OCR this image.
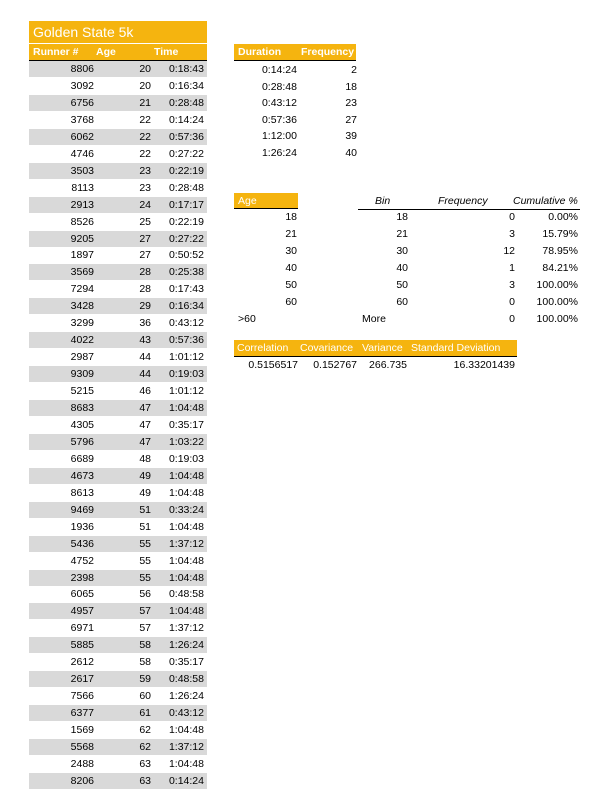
Golden State 5k
Runner # Age	Time
8806	20	0:18:43
3092	20	0:16:34
6756	21	0:28:48
3768	22	0:14:24
6062	22	0:57:36
4746	22	0:27:22
3503	23	0:22:19
8113	23	0:28:48
2913	24	0:17:17
8526	25	0:22:19
9205	27	0:27:22
1897	27	0:50:52
3569	28	0:25:38
7294	28	0:17:43
3428	29	0:16:34
3299	36	0:43:12
4022	43	0:57:36
2987	44	1:01:12
9309	44	0:19:03
5215	46	1:01:12
8683	47	1:04:48
4305	47	0:35:17
5796	47	1:03:22
6689	48	0:19:03
4673	49	1:04:48
8613	49	1:04:48
9469	51	0:33:24
1936	51	1:04:48
5436	55	1:37:12
4752	55	1:04:48
2398	55	1:04:48
6065	56	0:48:58
4957	57	1:04:48
6971	57	1:37:12
5885	58	1:26:24
2612	58	0:35:17
2617	59	0:48:58
7566	60	1:26:24
6377	61	0:43:12
1569	62	1:04:48
5568	62	1:37:12
2488	63	1:04:48
8206	63	0:14:24
Duration Frequency
0:14:24	2
0:28:48	18
0:43:12	23
0:57:36	27
1:12:00	39
1:26:24	40
Age
18
21
30
40
50
60
>60
Bin	Frequency Cumulative %
18	0	0.00%
21	3	15.79%
30	12	78.95%
40	1	84.21%
50	3	100.00%
60	0	100.00%
More	0	100.00%
Correlation Covariance Variance Standard Deviation
0.5156517	0.152767	266.735	16.33201439
